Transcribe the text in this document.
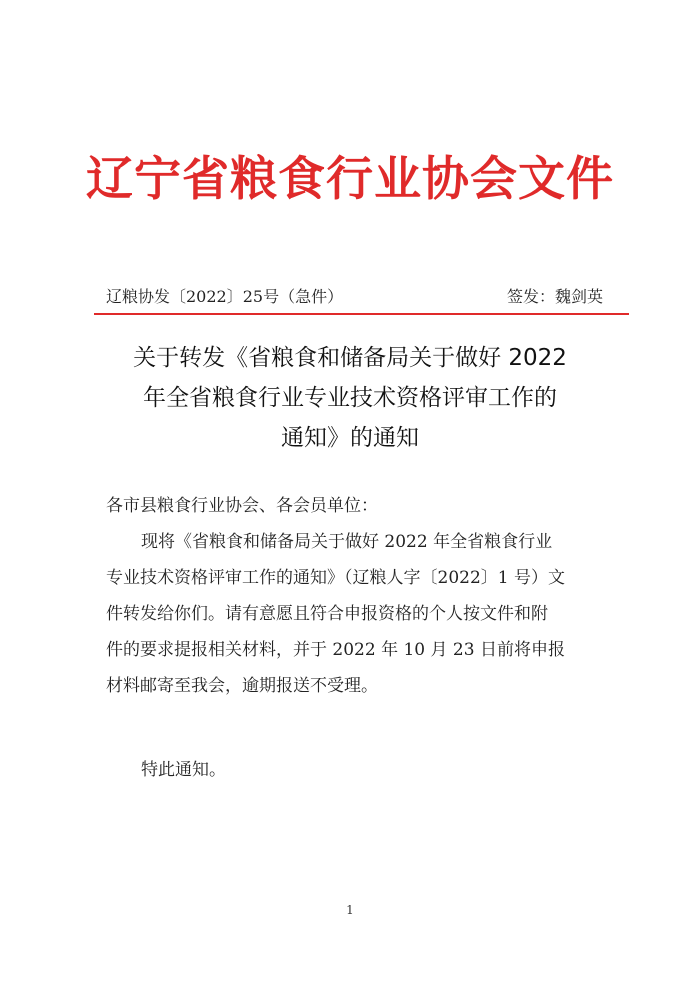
辽宁省粮食行业协会文件
辽粮协发〔2022〕25号（急件）	签发：魏剑英
关于转发《省粮食和储备局关于做好 2022
年全省粮食行业专业技术资格评审工作的
通知》的通知
各市县粮食行业协会、各会员单位：
现将《省粮食和储备局关于做好 2022 年全省粮食行业
专业技术资格评审工作的通知》（辽粮人字〔2022〕1 号）文
件转发给你们。请有意愿且符合申报资格的个人按文件和附
件的要求提报相关材料，并于 2022 年 10 月 23 日前将申报
材料邮寄至我会，逾期报送不受理。
特此通知。
1
